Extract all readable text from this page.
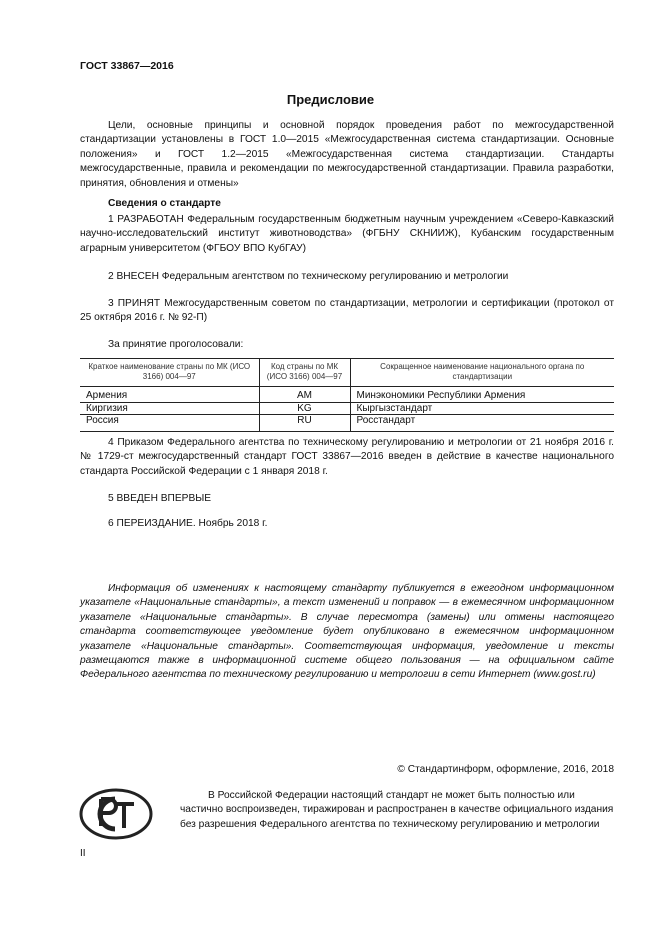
ГОСТ 33867—2016
Предисловие

Цели, основные принципы и основной порядок проведения работ по межгосударственной стандартизации установлены в ГОСТ 1.0—2015 «Межгосударственная система стандартизации. Основные положения» и ГОСТ 1.2—2015 «Межгосударственная система стандартизации. Стандарты межгосударственные, правила и рекомендации по межгосударственной стандартизации. Правила разработки, принятия, обновления и отмены»

Сведения о стандарте

1 РАЗРАБОТАН Федеральным государственным бюджетным научным учреждением «Северо-Кавказский научно-исследовательский институт животноводства» (ФГБНУ СКНИИЖ), Кубанским государственным аграрным университетом (ФГБОУ ВПО КубГАУ)

2 ВНЕСЕН Федеральным агентством по техническому регулированию и метрологии

3 ПРИНЯТ Межгосударственным советом по стандартизации, метрологии и сертификации (протокол от 25 октября 2016 г. № 92-П)

За принятие проголосовали:

Краткое наименование страны по МК (ИСО 3166) 004—97	Код страны по МК (ИСО 3166) 004—97	Сокращенное наименование национального органа по стандартизации
Армения	AM	Минэкономики Республики Армения
Киргизия	KG	Кыргызстандарт
Россия	RU	Росстандарт

4 Приказом Федерального агентства по техническому регулированию и метрологии от 21 ноября 2016 г. № 1729-ст межгосударственный стандарт ГОСТ 33867—2016 введен в действие в качестве национального стандарта Российской Федерации с 1 января 2018 г.

5 ВВЕДЕН ВПЕРВЫЕ

6 ПЕРЕИЗДАНИЕ. Ноябрь 2018 г.

Информация об изменениях к настоящему стандарту публикуется в ежегодном информационном указателе «Национальные стандарты», а текст изменений и поправок — в ежемесячном информационном указателе «Национальные стандарты». В случае пересмотра (замены) или отмены настоящего стандарта соответствующее уведомление будет опубликовано в ежемесячном информационном указателе «Национальные стандарты». Соответствующая информация, уведомление и тексты размещаются также в информационной системе общего пользования — на официальном сайте Федерального агентства по техническому регулированию и метрологии в сети Интернет (www.gost.ru)

© Стандартинформ, оформление, 2016, 2018

В Российской Федерации настоящий стандарт не может быть полностью или частично воспроизведен, тиражирован и распространен в качестве официального издания без разрешения Федерального агентства по техническому регулированию и метрологии

II
